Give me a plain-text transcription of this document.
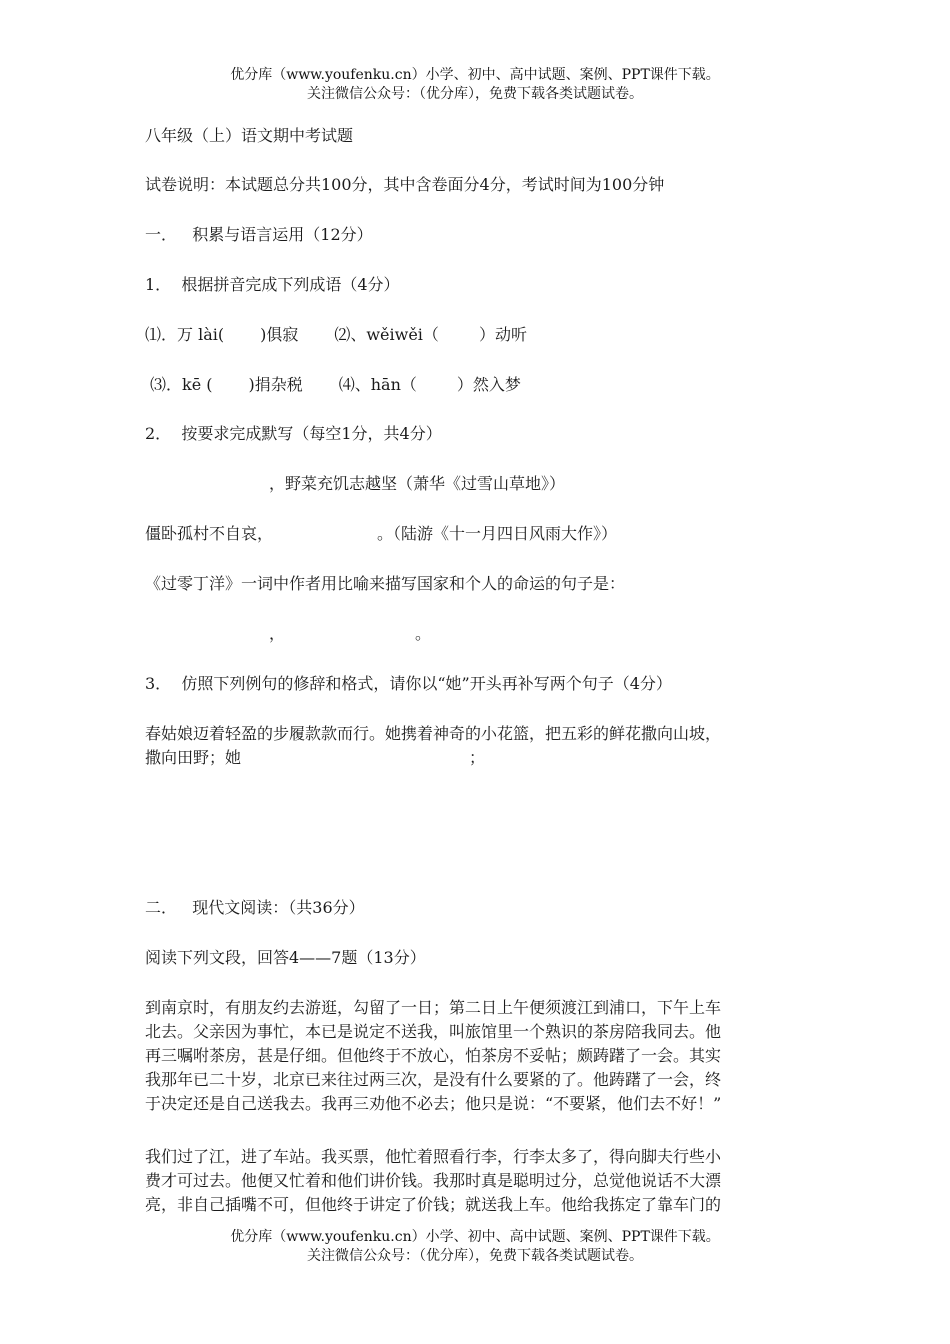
优分库（www.youfenku.cn）小学、初中、高中试题、案例、PPT课件下载。
关注微信公众号：（优分库），免费下载各类试题试卷。
八年级（上）语文期中考试题
试卷说明：本试题总分共100分，其中含卷面分4分，考试时间为100分钟
一．   积累与语言运用（12分）
1．  根据拼音完成下列成语（4分）
⑴．万 lài( )俱寂 ⑵、wěiwěi（	）动听
⑶．kē ( )捐杂税 ⑷、hān（	）然入梦
2．  按要求完成默写（每空1分，共4分）
，野菜充饥志越坚（萧华《过雪山草地》）
僵卧孤村不自哀，	。（陆游《十一月四日风雨大作》）
《过零丁洋》一词中作者用比喻来描写国家和个人的命运的句子是：
，	。
3．  仿照下列例句的修辞和格式，请你以“她”开头再补写两个句子（4分）
春姑娘迈着轻盈的步履款款而行。她携着神奇的小花篮，把五彩的鲜花撒向山坡，
撒向田野；她	；
二．   现代文阅读：（共36分）
阅读下列文段，回答4——7题（13分）
到南京时，有朋友约去游逛，勾留了一日；第二日上午便须渡江到浦口，下午上车
北去。父亲因为事忙，本已是说定不送我，叫旅馆里一个熟识的茶房陪我同去。他
再三嘱咐茶房，甚是仔细。但他终于不放心，怕茶房不妥帖；颇踌躇了一会。其实
我那年已二十岁，北京已来往过两三次，是没有什么要紧的了。他踌躇了一会，终
于决定还是自己送我去。我再三劝他不必去；他只是说：“不要紧，他们去不好！”
我们过了江，进了车站。我买票，他忙着照看行李，行李太多了，得向脚夫行些小
费才可过去。他便又忙着和他们讲价钱。我那时真是聪明过分，总觉他说话不大漂
亮，非自己插嘴不可，但他终于讲定了价钱；就送我上车。他给我拣定了靠车门的
优分库（www.youfenku.cn）小学、初中、高中试题、案例、PPT课件下载。
关注微信公众号：（优分库），免费下载各类试题试卷。
